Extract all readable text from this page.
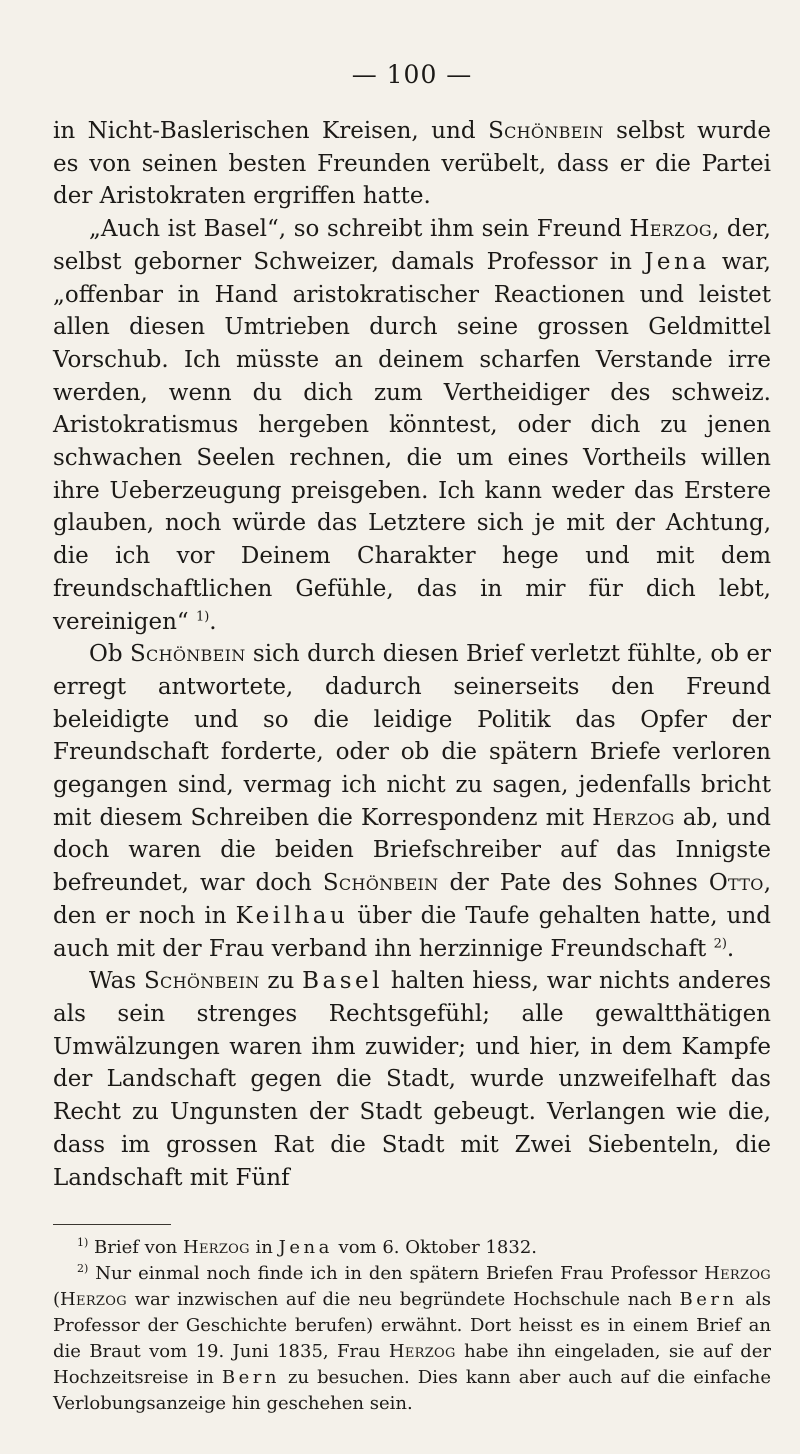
— 100 —

in Nicht-Baslerischen Kreisen, und Schönbein selbst wurde es von seinen besten Freunden verübelt, dass er die Partei der Aristokraten ergriffen hatte.

„Auch ist Basel“, so schreibt ihm sein Freund Herzog, der, selbst geborner Schweizer, damals Professor in Jena war, „offenbar in Hand aristokratischer Reactionen und leistet allen diesen Umtrieben durch seine grossen Geldmittel Vorschub. Ich müsste an deinem scharfen Verstande irre werden, wenn du dich zum Vertheidiger des schweiz. Aristokratismus hergeben könntest, oder dich zu jenen schwachen Seelen rechnen, die um eines Vortheils willen ihre Ueberzeugung preisgeben. Ich kann weder das Erstere glauben, noch würde das Letztere sich je mit der Achtung, die ich vor Deinem Charakter hege und mit dem freundschaftlichen Gefühle, das in mir für dich lebt, vereinigen“ $^{1)}$.

Ob Schönbein sich durch diesen Brief verletzt fühlte, ob er erregt antwortete, dadurch seinerseits den Freund beleidigte und so die leidige Politik das Opfer der Freundschaft forderte, oder ob die spätern Briefe verloren gegangen sind, vermag ich nicht zu sagen, jedenfalls bricht mit diesem Schreiben die Korrespondenz mit Herzog ab, und doch waren die beiden Briefschreiber auf das Innigste befreundet, war doch Schönbein der Pate des Sohnes Otto, den er noch in Keilhau über die Taufe gehalten hatte, und auch mit der Frau verband ihn herzinnige Freundschaft $^{2)}$.

Was Schönbein zu Basel halten hiess, war nichts anderes als sein strenges Rechtsgefühl; alle gewaltthätigen Umwälzungen waren ihm zuwider; und hier, in dem Kampfe der Landschaft gegen die Stadt, wurde unzweifelhaft das Recht zu Ungunsten der Stadt gebeugt. Verlangen wie die, dass im grossen Rat die Stadt mit Zwei Siebenteln, die Landschaft mit Fünf

$^{1)}$ Brief von Herzog in Jena vom 6. Oktober 1832.

$^{2)}$ Nur einmal noch finde ich in den spätern Briefen Frau Professor Herzog (Herzog war inzwischen auf die neu begründete Hochschule nach Bern als Professor der Geschichte berufen) erwähnt. Dort heisst es in einem Brief an die Braut vom 19. Juni 1835, Frau Herzog habe ihn eingeladen, sie auf der Hochzeitsreise in Bern zu besuchen. Dies kann aber auch auf die einfache Verlobungsanzeige hin geschehen sein.
